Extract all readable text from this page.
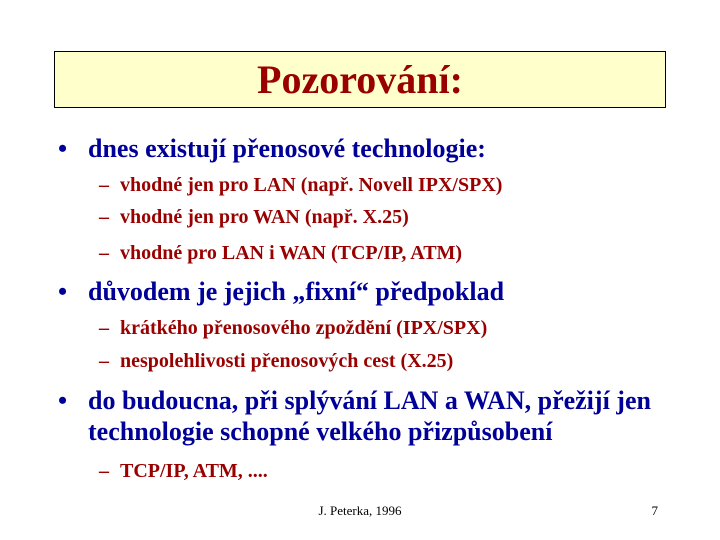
Pozorování:
• dnes existují přenosové technologie:
– vhodné jen pro LAN (např. Novell IPX/SPX)
– vhodné jen pro WAN (např. X.25)
– vhodné pro LAN i WAN (TCP/IP, ATM)
• důvodem je jejich „fixní“ předpoklad
– krátkého přenosového zpoždění (IPX/SPX)
– nespolehlivosti přenosových cest (X.25)
• do budoucna, při splývání LAN a WAN, přežijí jen technologie schopné velkého přizpůsobení
– TCP/IP, ATM, ....
J. Peterka, 1996	7
